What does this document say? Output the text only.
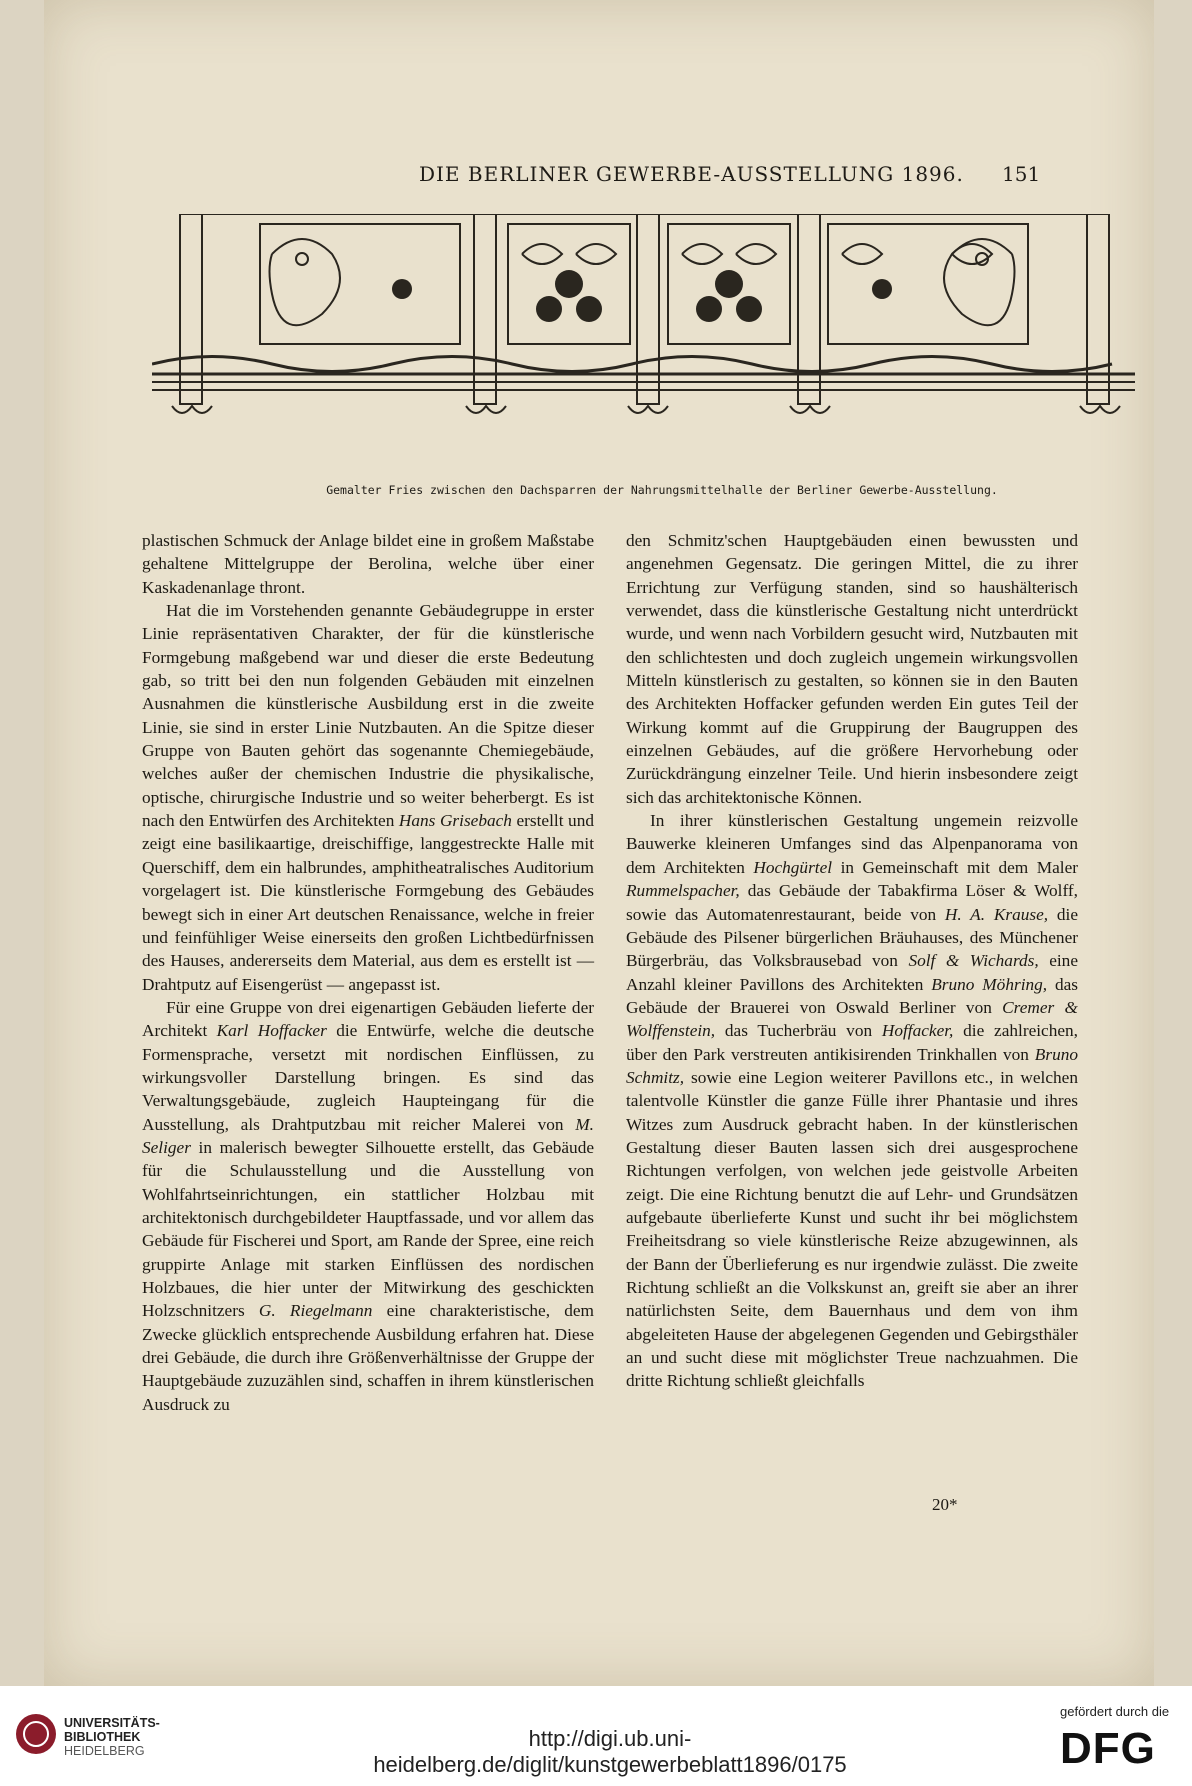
DIE BERLINER GEWERBE-AUSSTELLUNG 1896. 151
Gemalter Fries zwischen den Dachsparren der Nahrungsmittelhalle der Berliner Gewerbe-Ausstellung.

plastischen Schmuck der Anlage bildet eine in großem Maßstabe gehaltene Mittelgruppe der Berolina, welche über einer Kaskadenanlage thront.

Hat die im Vorstehenden genannte Gebäudegruppe in erster Linie repräsentativen Charakter, der für die künstlerische Formgebung maßgebend war und dieser die erste Bedeutung gab, so tritt bei den nun folgenden Gebäuden mit einzelnen Ausnahmen die künstlerische Ausbildung erst in die zweite Linie, sie sind in erster Linie Nutzbauten. An die Spitze dieser Gruppe von Bauten gehört das sogenannte Chemiegebäude, welches außer der chemischen Industrie die physikalische, optische, chirurgische Industrie und so weiter beherbergt. Es ist nach den Entwürfen des Architekten Hans Grisebach erstellt und zeigt eine basilikaartige, dreischiffige, langgestreckte Halle mit Querschiff, dem ein halbrundes, amphitheatralisches Auditorium vorgelagert ist. Die künstlerische Formgebung des Gebäudes bewegt sich in einer Art deutschen Renaissance, welche in freier und feinfühliger Weise einerseits den großen Lichtbedürfnissen des Hauses, andererseits dem Material, aus dem es erstellt ist — Drahtputz auf Eisengerüst — angepasst ist.

Für eine Gruppe von drei eigenartigen Gebäuden lieferte der Architekt Karl Hoffacker die Entwürfe, welche die deutsche Formensprache, versetzt mit nordischen Einflüssen, zu wirkungsvoller Darstellung bringen. Es sind das Verwaltungsgebäude, zugleich Haupteingang für die Ausstellung, als Drahtputzbau mit reicher Malerei von M. Seliger in malerisch bewegter Silhouette erstellt, das Gebäude für die Schulausstellung und die Ausstellung von Wohlfahrtseinrichtungen, ein stattlicher Holzbau mit architektonisch durchgebildeter Hauptfassade, und vor allem das Gebäude für Fischerei und Sport, am Rande der Spree, eine reich gruppirte Anlage mit starken Einflüssen des nordischen Holzbaues, die hier unter der Mitwirkung des geschickten Holzschnitzers G. Riegelmann eine charakteristische, dem Zwecke glücklich entsprechende Ausbildung erfahren hat. Diese drei Gebäude, die durch ihre Größenverhältnisse der Gruppe der Hauptgebäude zuzuzählen sind, schaffen in ihrem künstlerischen Ausdruck zu

den Schmitz'schen Hauptgebäuden einen bewussten und angenehmen Gegensatz. Die geringen Mittel, die zu ihrer Errichtung zur Verfügung standen, sind so haushälterisch verwendet, dass die künstlerische Gestaltung nicht unterdrückt wurde, und wenn nach Vorbildern gesucht wird, Nutzbauten mit den schlichtesten und doch zugleich ungemein wirkungsvollen Mitteln künstlerisch zu gestalten, so können sie in den Bauten des Architekten Hoffacker gefunden werden Ein gutes Teil der Wirkung kommt auf die Gruppirung der Baugruppen des einzelnen Gebäudes, auf die größere Hervorhebung oder Zurückdrängung einzelner Teile. Und hierin insbesondere zeigt sich das architektonische Können.

In ihrer künstlerischen Gestaltung ungemein reizvolle Bauwerke kleineren Umfanges sind das Alpenpanorama von dem Architekten Hochgürtel in Gemeinschaft mit dem Maler Rummelspacher, das Gebäude der Tabakfirma Löser & Wolff, sowie das Automatenrestaurant, beide von H. A. Krause, die Gebäude des Pilsener bürgerlichen Bräuhauses, des Münchener Bürgerbräu, das Volksbrausebad von Solf & Wichards, eine Anzahl kleiner Pavillons des Architekten Bruno Möhring, das Gebäude der Brauerei von Oswald Berliner von Cremer & Wolffenstein, das Tucherbräu von Hoffacker, die zahlreichen, über den Park verstreuten antikisirenden Trinkhallen von Bruno Schmitz, sowie eine Legion weiterer Pavillons etc., in welchen talentvolle Künstler die ganze Fülle ihrer Phantasie und ihres Witzes zum Ausdruck gebracht haben. In der künstlerischen Gestaltung dieser Bauten lassen sich drei ausgesprochene Richtungen verfolgen, von welchen jede geistvolle Arbeiten zeigt. Die eine Richtung benutzt die auf Lehr- und Grundsätzen aufgebaute überlieferte Kunst und sucht ihr bei möglichstem Freiheitsdrang so viele künstlerische Reize abzugewinnen, als der Bann der Überlieferung es nur irgendwie zulässt. Die zweite Richtung schließt an die Volkskunst an, greift sie aber an ihrer natürlichsten Seite, dem Bauernhaus und dem von ihm abgeleiteten Hause der abgelegenen Gegenden und Gebirgsthäler an und sucht diese mit möglichster Treue nachzuahmen. Die dritte Richtung schließt gleichfalls

20*
UNIVERSITÄTS-
BIBLIOTHEK
HEIDELBERG	http://digi.ub.uni-heidelberg.de/diglit/kunstgewerbeblatt1896/0175
gefördert durch die
DFG
